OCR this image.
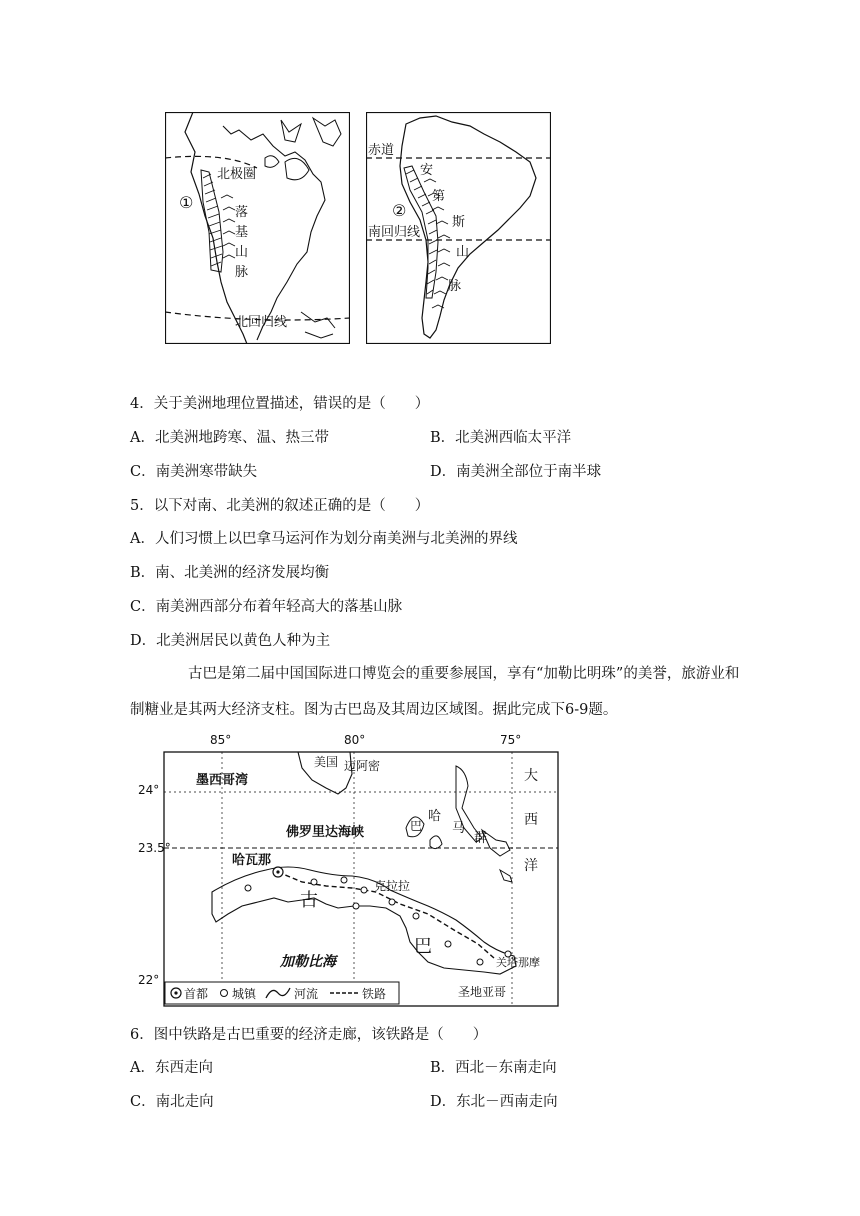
①
北极圈
落
基
山
脉
北回归线
赤道
②
南回归线
安
第
斯
山
脉
4．关于美洲地理位置描述，错误的是（　　）
A．北美洲地跨寒、温、热三带	B．北美洲西临太平洋
C．南美洲寒带缺失	D．南美洲全部位于南半球
5．以下对南、北美洲的叙述正确的是（　　）
A．人们习惯上以巴拿马运河作为划分南美洲与北美洲的界线
B．南、北美洲的经济发展均衡
C．南美洲西部分布着年轻高大的落基山脉
D．北美洲居民以黄色人种为主
古巴是第二届中国国际进口博览会的重要参展国，享有“加勒比明珠”的美誉，旅游业和制糖业是其两大经济支柱。图为古巴岛及其周边区域图。据此完成下6-9题。
85°	80°	75°
24°
23.5°
22°
墨西哥湾
美国 迈阿密
佛罗里达海峡	巴
哈
马
群
大
西
洋
哈瓦那
克拉拉
古
巴
加勒比海	关塔那摩
圣地亚哥
首都 城镇	河流	铁路
6．图中铁路是古巴重要的经济走廊，该铁路是（　　）
A．东西走向	B．西北－东南走向
C．南北走向	D．东北－西南走向
